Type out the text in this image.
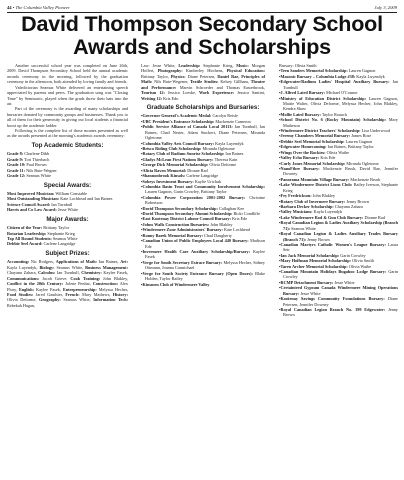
44 • The Columbia Valley Pioneer	July 3, 2009
David Thompson Secondary School Awards and Scholarships

Another successful school year was completed on June 26th, 2009. David Thompson Secondary School held the annual academic awards ceremony in the morning, followed by the graduation ceremony in the afternoon, both attended by loving family and friends.

Valedictorian Seamus White delivered an entertaining speech appreciated by parents and peers. The graduation song was "Closing Time" by Semisonic, played when the grads threw their hats into the air.

Part of the ceremony is the awarding of many scholarships and bursaries donated by community groups and businesses. Thank you to all of them for their generosity in giving our local students a financial boost up the academic ladder.

Following is the complete list of those monies presented as well as the awards presented at the morning's academic awards ceremony:

Top Academic Students:
Grade 8: Charlene Dibb
Grade 9: Tori Thierbach
Grade 10: Paul Brown
Grade 11: Nils Buie-Wegner
Grade 12: Seamus White
Special Awards:
Most Improved Musician: William Constable
Most Outstanding Musician: Kate Lochhead and Ian Baines
Science Council Award: Ian Turnbull
Harris and Co Law Award: Jesse White
Major Awards:
Citizen of the Year: Brittany Taylor
Rotarian Leadership: Stephanie Krieg
Top All Round Students: Seamus White
Debbie Seel Award: Carlene Langridge
Subject Prizes:

Accounting: Nic Rodgers, Applications of Math: Ian Baines, Art: Kayla Luyendyk, Biology: Seamus White, Business Management: Chayanu Zahara, Calculus: Ian Turnbull, Chemistry: Kaylee Fasek, Communications: Jacob Grieve. Cook Training: John Blakley, Conflict in the 20th Century: Jolene Penhar, Construction: Alex Flury, English: Kaylee Fasek, Entrepreneurship: Melyssa Hecher, Food Studies: Jared Gauthier, French: Mary Mathews, History: Olivia Deforme, Geography: Seamus White, Information Tech: Rebekah Hagan,

Law: Jesse White, Leadership: Stephanie Krieg, Music: Morgan Hoffert, Photography: Kimberley Hitchens, Physical Education: Brittany Taylor, Physics: Diane Petersen, Daniel Rae, Principles of Math: Nils Buie-Wegener, Textile Studies: Kelsey Gillham, Theatre and Performance: Marvin Schroeder and Thomas Easterbrook, Tourism 12: Jessica Loeske, Work Experience: Jessica Santini, Writing 12: Kris Ede.

Graduate Scholarships and Bursaries:
• Governor General's Academic Medal: Carolyn Reisle
• UBC President's Entrance Scholarship: Mackenzie Cameron
• Public Service Alliance of Canada Local 20113: Ian Turnbull, Ian Baines, Chad Nester, Adam Stuckert, Diane Petersen, Miranda Ogletome
• Columbia Valley Arts Council Bursary: Kayla Luyendyk
• Brisco Riding Club Scholarship: Miranda Ogletome
• Rotary Club of Radium Sunrise Scholarship: Ian Baines
• Gladys McLean First Nations Bursary: Theresa Kain
• George Dick Memorial Scholarship: Olivia Deforme
• Alicia Raven Memorial: Dionne Rad
• Shannonbrook Kinsols: Carlene Langridge
• Sobeys Investment Bursary: Kaylie Urichuk
• Columbia Basin Trust and Community Involvement Scholarship: Lauren Gagnon, Garin Crowley, Brittany Taylor
• Columbia Power Corporation 2001-2002 Bursary: Christine Robertson
• David Thompson Secondary Scholarship: Callaghan Kee
• David Thompson Secondary Alumni Scholarship: Ricki Condliffe
• East Kootenay District Labour Council Bursary: Kris Ede
• Johns Walls Construction Bursaries: John Blakley
• Windermere Zone Administrators' Bursary: Kate Lochhead
• Ronny Barek Memorial Bursary: Chad Daugherty
• Canadian Union of Public Employees Local 440 Bursary: Madison Ede
• Invermere Health Care Auxiliary Scholarship/Bursary: Kaylee Fasek
• Verge for South Secretary Estrace Bursary: Melyssa Hecher, Sidney Ottmann, Joanna Carmichael
• Verge for South Society Entrance Bursary (Open Doors): Blake Holden, Taylor Bailey
• Kinsmen Club of Windermere Valley
Bursary: Olivia Smith
• Teen Sanders Memorial Scholarship: Lauren Gagnon
• Masonic Bursary – Columbia Lodge #38: Kayla Luyendyk
• Edgewater/Radium Ladies' Hospital Auxiliary Bursary: Ian Turnbull
• J. Alfred Laird Bursary: Michael O'Connor
• Ministry of Education District Scholarship: Lauren Gagnon, Mattie Walter, Olivia Deforme, Melyssa Hecher, John Blakley, Kendra Shaw
• Mollie Laird Bursary: Taylor Roauch
• School District No. 6 (Rocky Mountain) Scholarship: Mary Matheson
• Windermere District Teachers' Scholarship: Lisa Underwood
• Jeremy Chambers Memorial Bursary: James Rose
• Debbie Seel Memorial Scholarship: Lauren Gagnon
• Edgewater Homecoming: Ian Baines, Brittany Taylor
• Wings Over the Rockies: Olivia Waibe
• Valley Echo Bursary: Kris Ede
• Curly Jones Memorial Scholarship: Miranda Ogletome
• NanoFibre Bursary: Mackenzie Brush, David Rae, Jennifer Downey
• Panorama Mountain Village Bursary: Mackenzie Brush
• Lake Windermere District Lions Club: Bailey Iverson, Stephanie Krieg
• Fey Fredrickson: John Blakley
• Rotary Club of Invermere Bursary: Jenny Brown
• Barbara Decker Scholarship: Chayanu Zahara
• Valley Musicians: Kayla Luyendyk
• Lake Windermere Rod & Gun Club Bursary: Dionne Rad
• Royal Canadian Legion & Ladies Auxiliary Scholarship (Branch 71): Seamus White
• Royal Canadian Legion & Ladies Auxiliary Trades Bursary (Branch 71): Jenny Brown
• Canadian Martyrs Catholic Women's League Bursary: Laura Seir
• Ian Jack Memorial Scholarship: Garin Crowley
• Mary Hoffman Memorial Scholarship: Olivia Smith
• Taren Archer Memorial Scholarship: Olivia Waibe
• Canadian Mountain Holidays Bugaboo Lodge Bursary: Garin Crowley
• RCMP Detachment Bursary: Jesse White
• Certainteed Gypsum Canada Windermere Mining Operations Bursary: Jesse White
• Kootenay Savings Community Foundations Bursary: Diane Petersen, Jennifer Downey
• Royal Canadian Legion Branch No. 199 Edgewater: Jenny Brown
